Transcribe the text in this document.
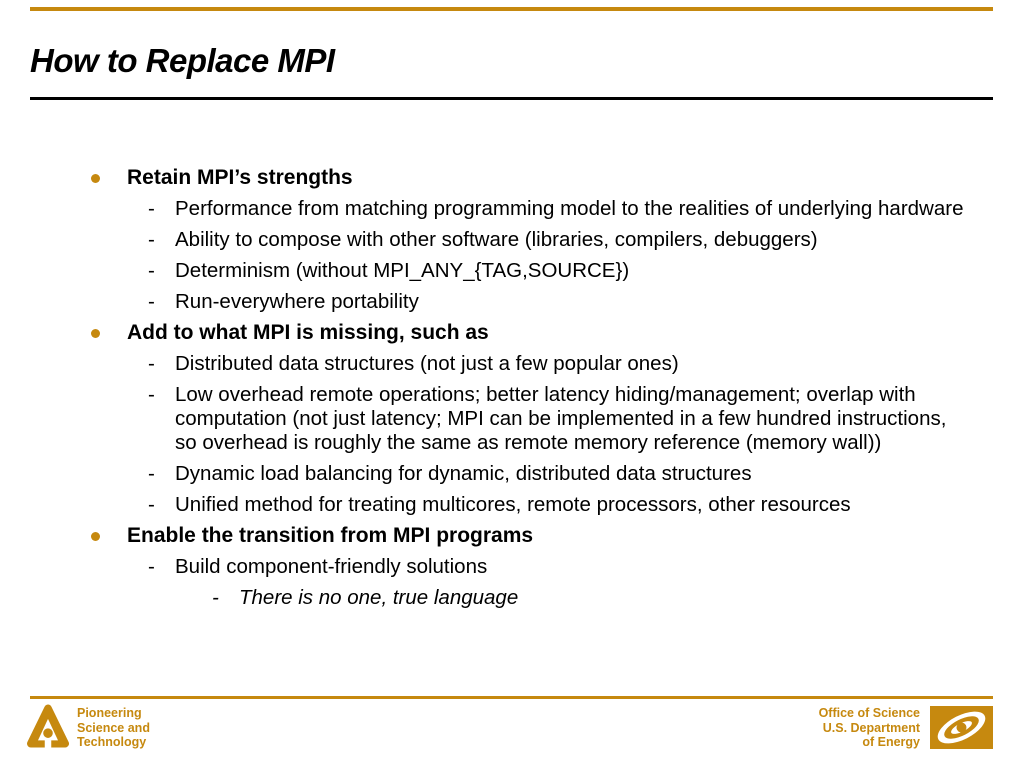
How to Replace MPI
Retain MPI’s strengths
- Performance from matching programming model to the realities of underlying hardware
- Ability to compose with other software (libraries, compilers, debuggers)
- Determinism (without MPI_ANY_{TAG,SOURCE})
- Run-everywhere portability
Add to what MPI is missing, such as
- Distributed data structures (not just a few popular ones)
- Low overhead remote operations; better latency hiding/management; overlap with computation (not just latency; MPI can be implemented in a few hundred instructions, so overhead is roughly the same as remote memory reference (memory wall))
- Dynamic load balancing for dynamic, distributed data structures
- Unified method for treating multicores, remote processors, other resources
Enable the transition from MPI programs
- Build component-friendly solutions
- There is no one, true language
Pioneering
Science and
Technology
Office of Science
U.S. Department
of Energy
